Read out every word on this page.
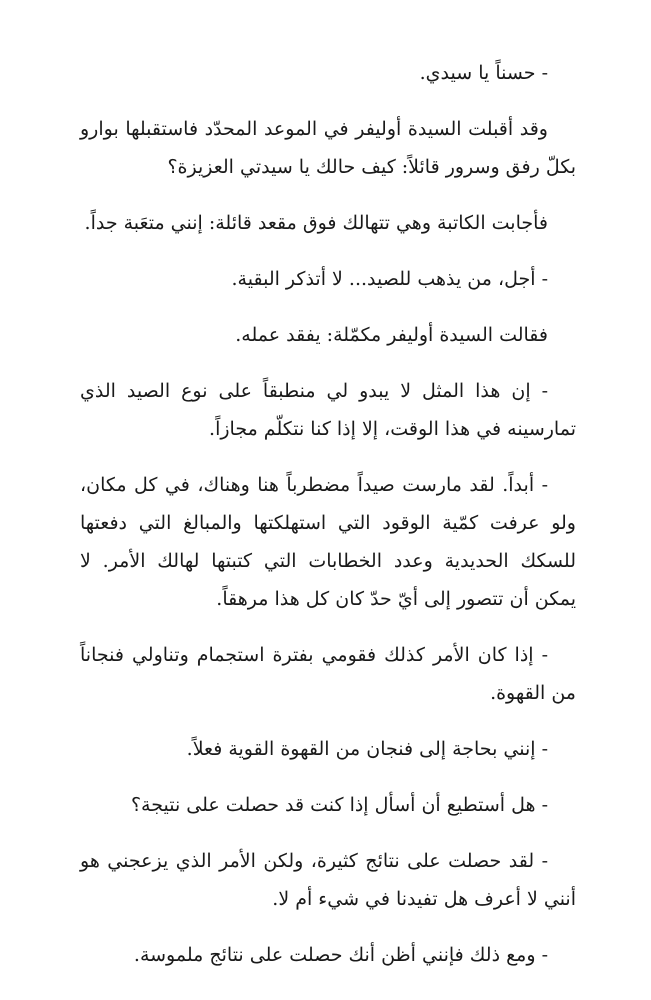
- حسناً يا سيدي.

وقد أقبلت السيدة أوليفر في الموعد المحدّد فاستقبلها بوارو بكلّ رفق وسرور قائلاً: كيف حالك يا سيدتي العزيزة؟

فأجابت الكاتبة وهي تتهالك فوق مقعد قائلة: إنني متعَبة جداً.

- أجل، من يذهب للصيد... لا أتذكر البقية.

فقالت السيدة أوليفر مكمّلة: يفقد عمله.

- إن هذا المثل لا يبدو لي منطبقاً على نوع الصيد الذي تمارسينه في هذا الوقت، إلا إذا كنا نتكلّم مجازاً.

- أبداً. لقد مارست صيداً مضطرباً هنا وهناك، في كل مكان، ولو عرفت كمّية الوقود التي استهلكتها والمبالغ التي دفعتها للسكك الحديدية وعدد الخطابات التي كتبتها لهالك الأمر. لا يمكن أن تتصور إلى أيّ حدّ كان كل هذا مرهقاً.

- إذا كان الأمر كذلك فقومي بفترة استجمام وتناولي فنجاناً من القهوة.

- إنني بحاجة إلى فنجان من القهوة القوية فعلاً.

- هل أستطيع أن أسأل إذا كنت قد حصلت على نتيجة؟

- لقد حصلت على نتائج كثيرة، ولكن الأمر الذي يزعجني هو أنني لا أعرف هل تفيدنا في شيء أم لا.

- ومع ذلك فإنني أظن أنك حصلت على نتائج ملموسة.
